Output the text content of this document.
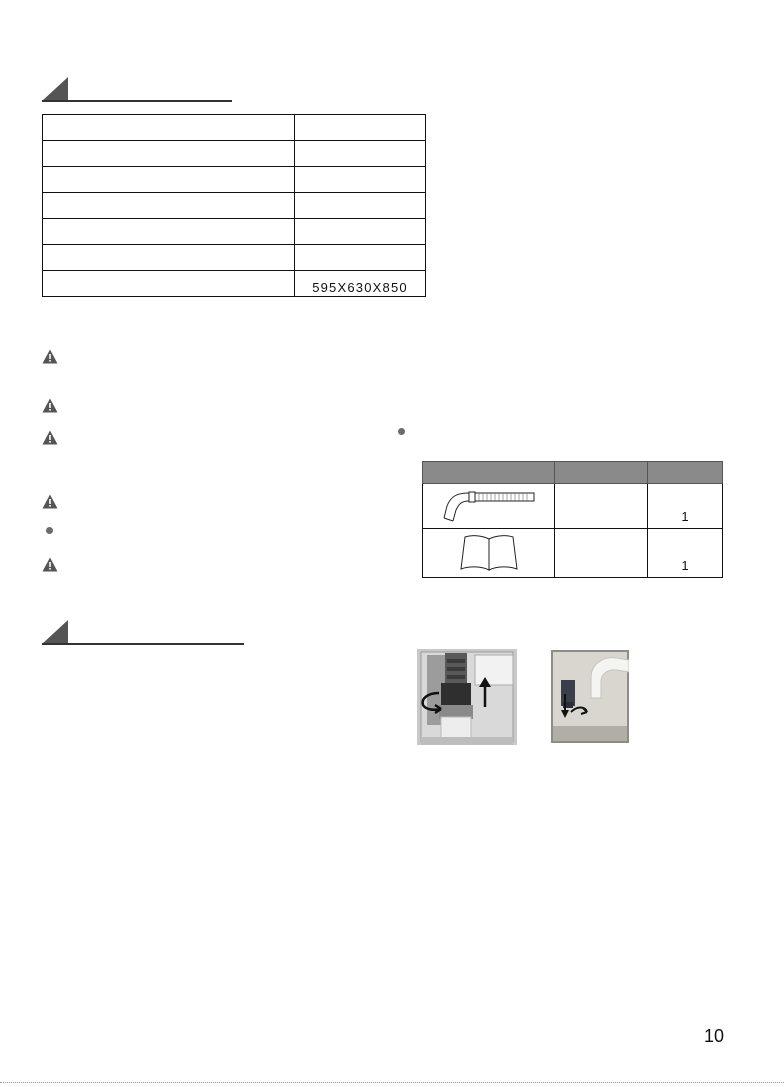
	595X630X850

		1
		1
10
